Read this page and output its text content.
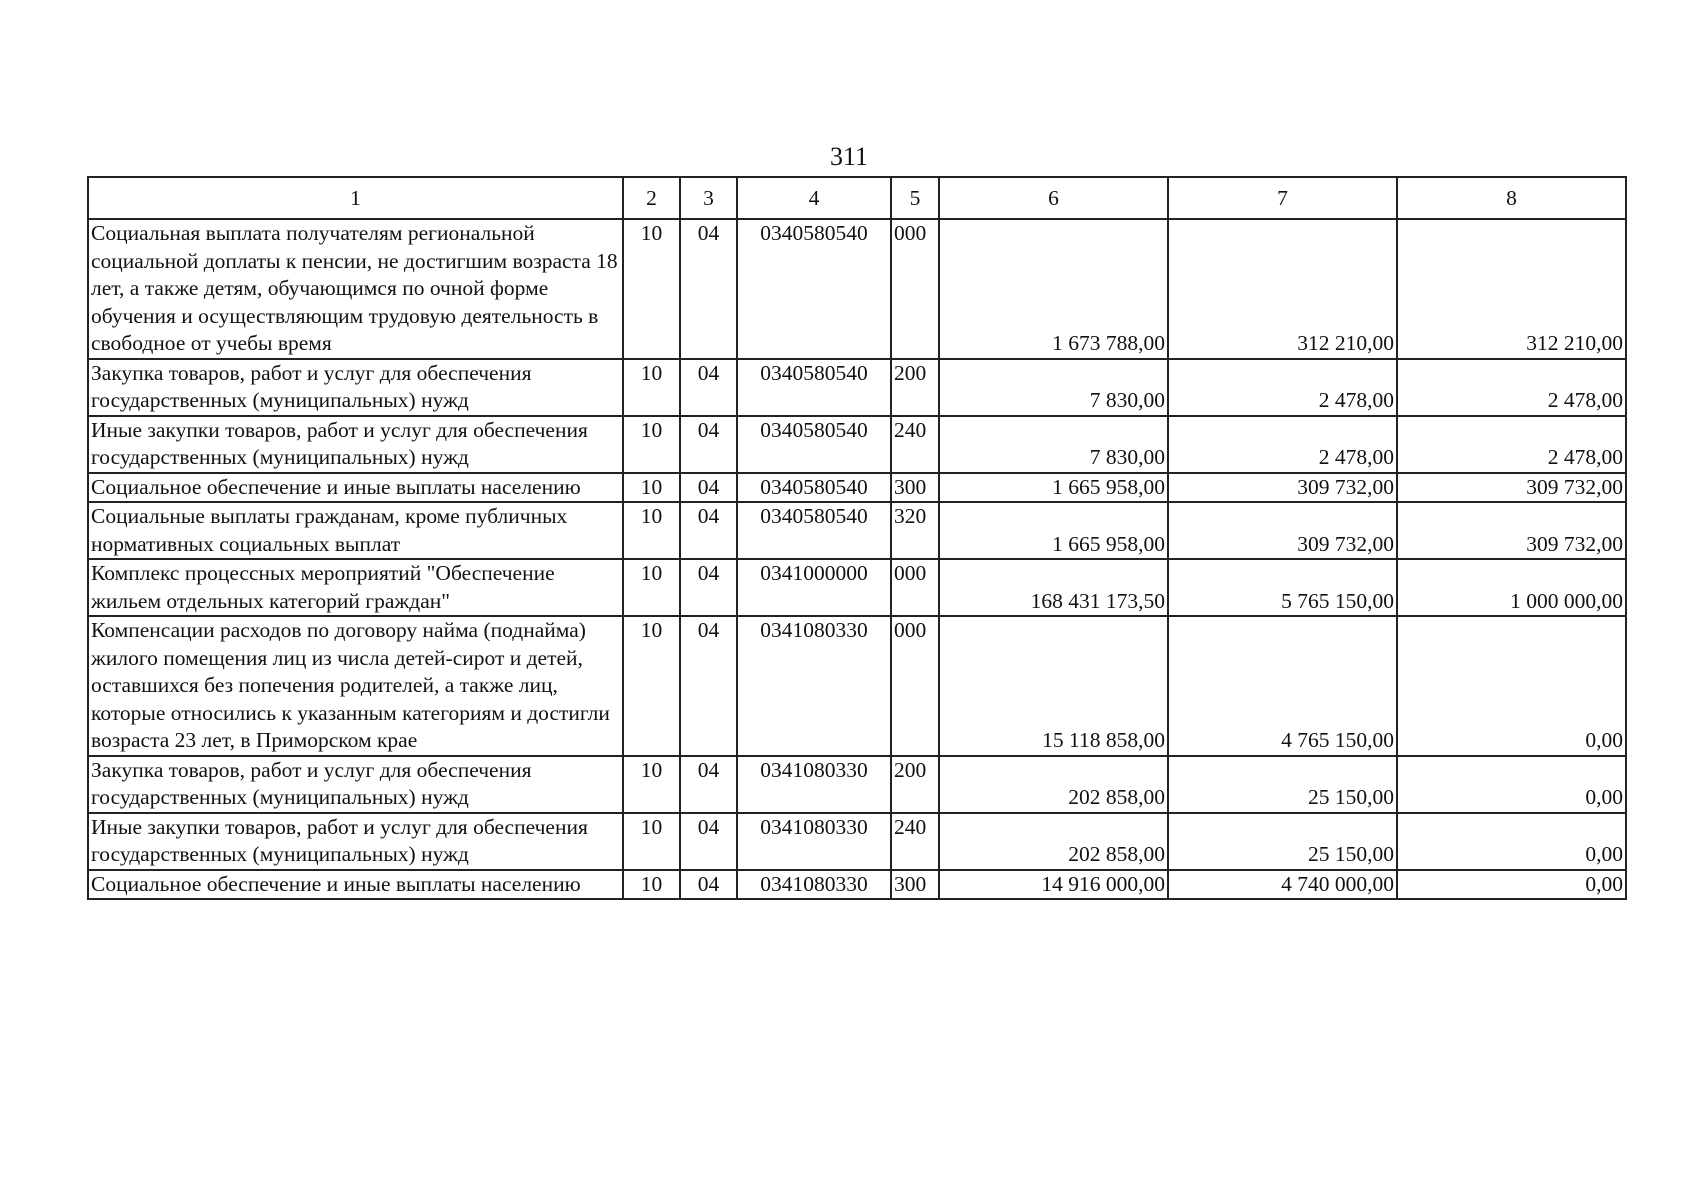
311
1	2	3	4	5	6	7	8
Социальная выплата получателям региональной социальной доплаты к пенсии, не достигшим возраста 18 лет, а также детям, обучающимся по очной форме обучения и осуществляющим трудовую деятельность в свободное от учебы время	10	04	0340580540	000	1 673 788,00	312 210,00	312 210,00
Закупка товаров, работ и услуг для обеспечения государственных (муниципальных) нужд	10	04	0340580540	200	7 830,00	2 478,00	2 478,00
Иные закупки товаров, работ и услуг для обеспечения государственных (муниципальных) нужд	10	04	0340580540	240	7 830,00	2 478,00	2 478,00
Социальное обеспечение и иные выплаты населению	10	04	0340580540	300	1 665 958,00	309 732,00	309 732,00
Социальные выплаты гражданам, кроме публичных нормативных социальных выплат	10	04	0340580540	320	1 665 958,00	309 732,00	309 732,00
Комплекс процессных мероприятий "Обеспечение жильем отдельных категорий граждан"	10	04	0341000000	000	168 431 173,50	5 765 150,00	1 000 000,00
Компенсации расходов по договору найма (поднайма) жилого помещения лиц из числа детей-сирот и детей, оставшихся без попечения родителей, а также лиц, которые относились к указанным категориям и достигли возраста 23 лет, в Приморском крае	10	04	0341080330	000	15 118 858,00	4 765 150,00	0,00
Закупка товаров, работ и услуг для обеспечения государственных (муниципальных) нужд	10	04	0341080330	200	202 858,00	25 150,00	0,00
Иные закупки товаров, работ и услуг для обеспечения государственных (муниципальных) нужд	10	04	0341080330	240	202 858,00	25 150,00	0,00
Социальное обеспечение и иные выплаты населению	10	04	0341080330	300	14 916 000,00	4 740 000,00	0,00
